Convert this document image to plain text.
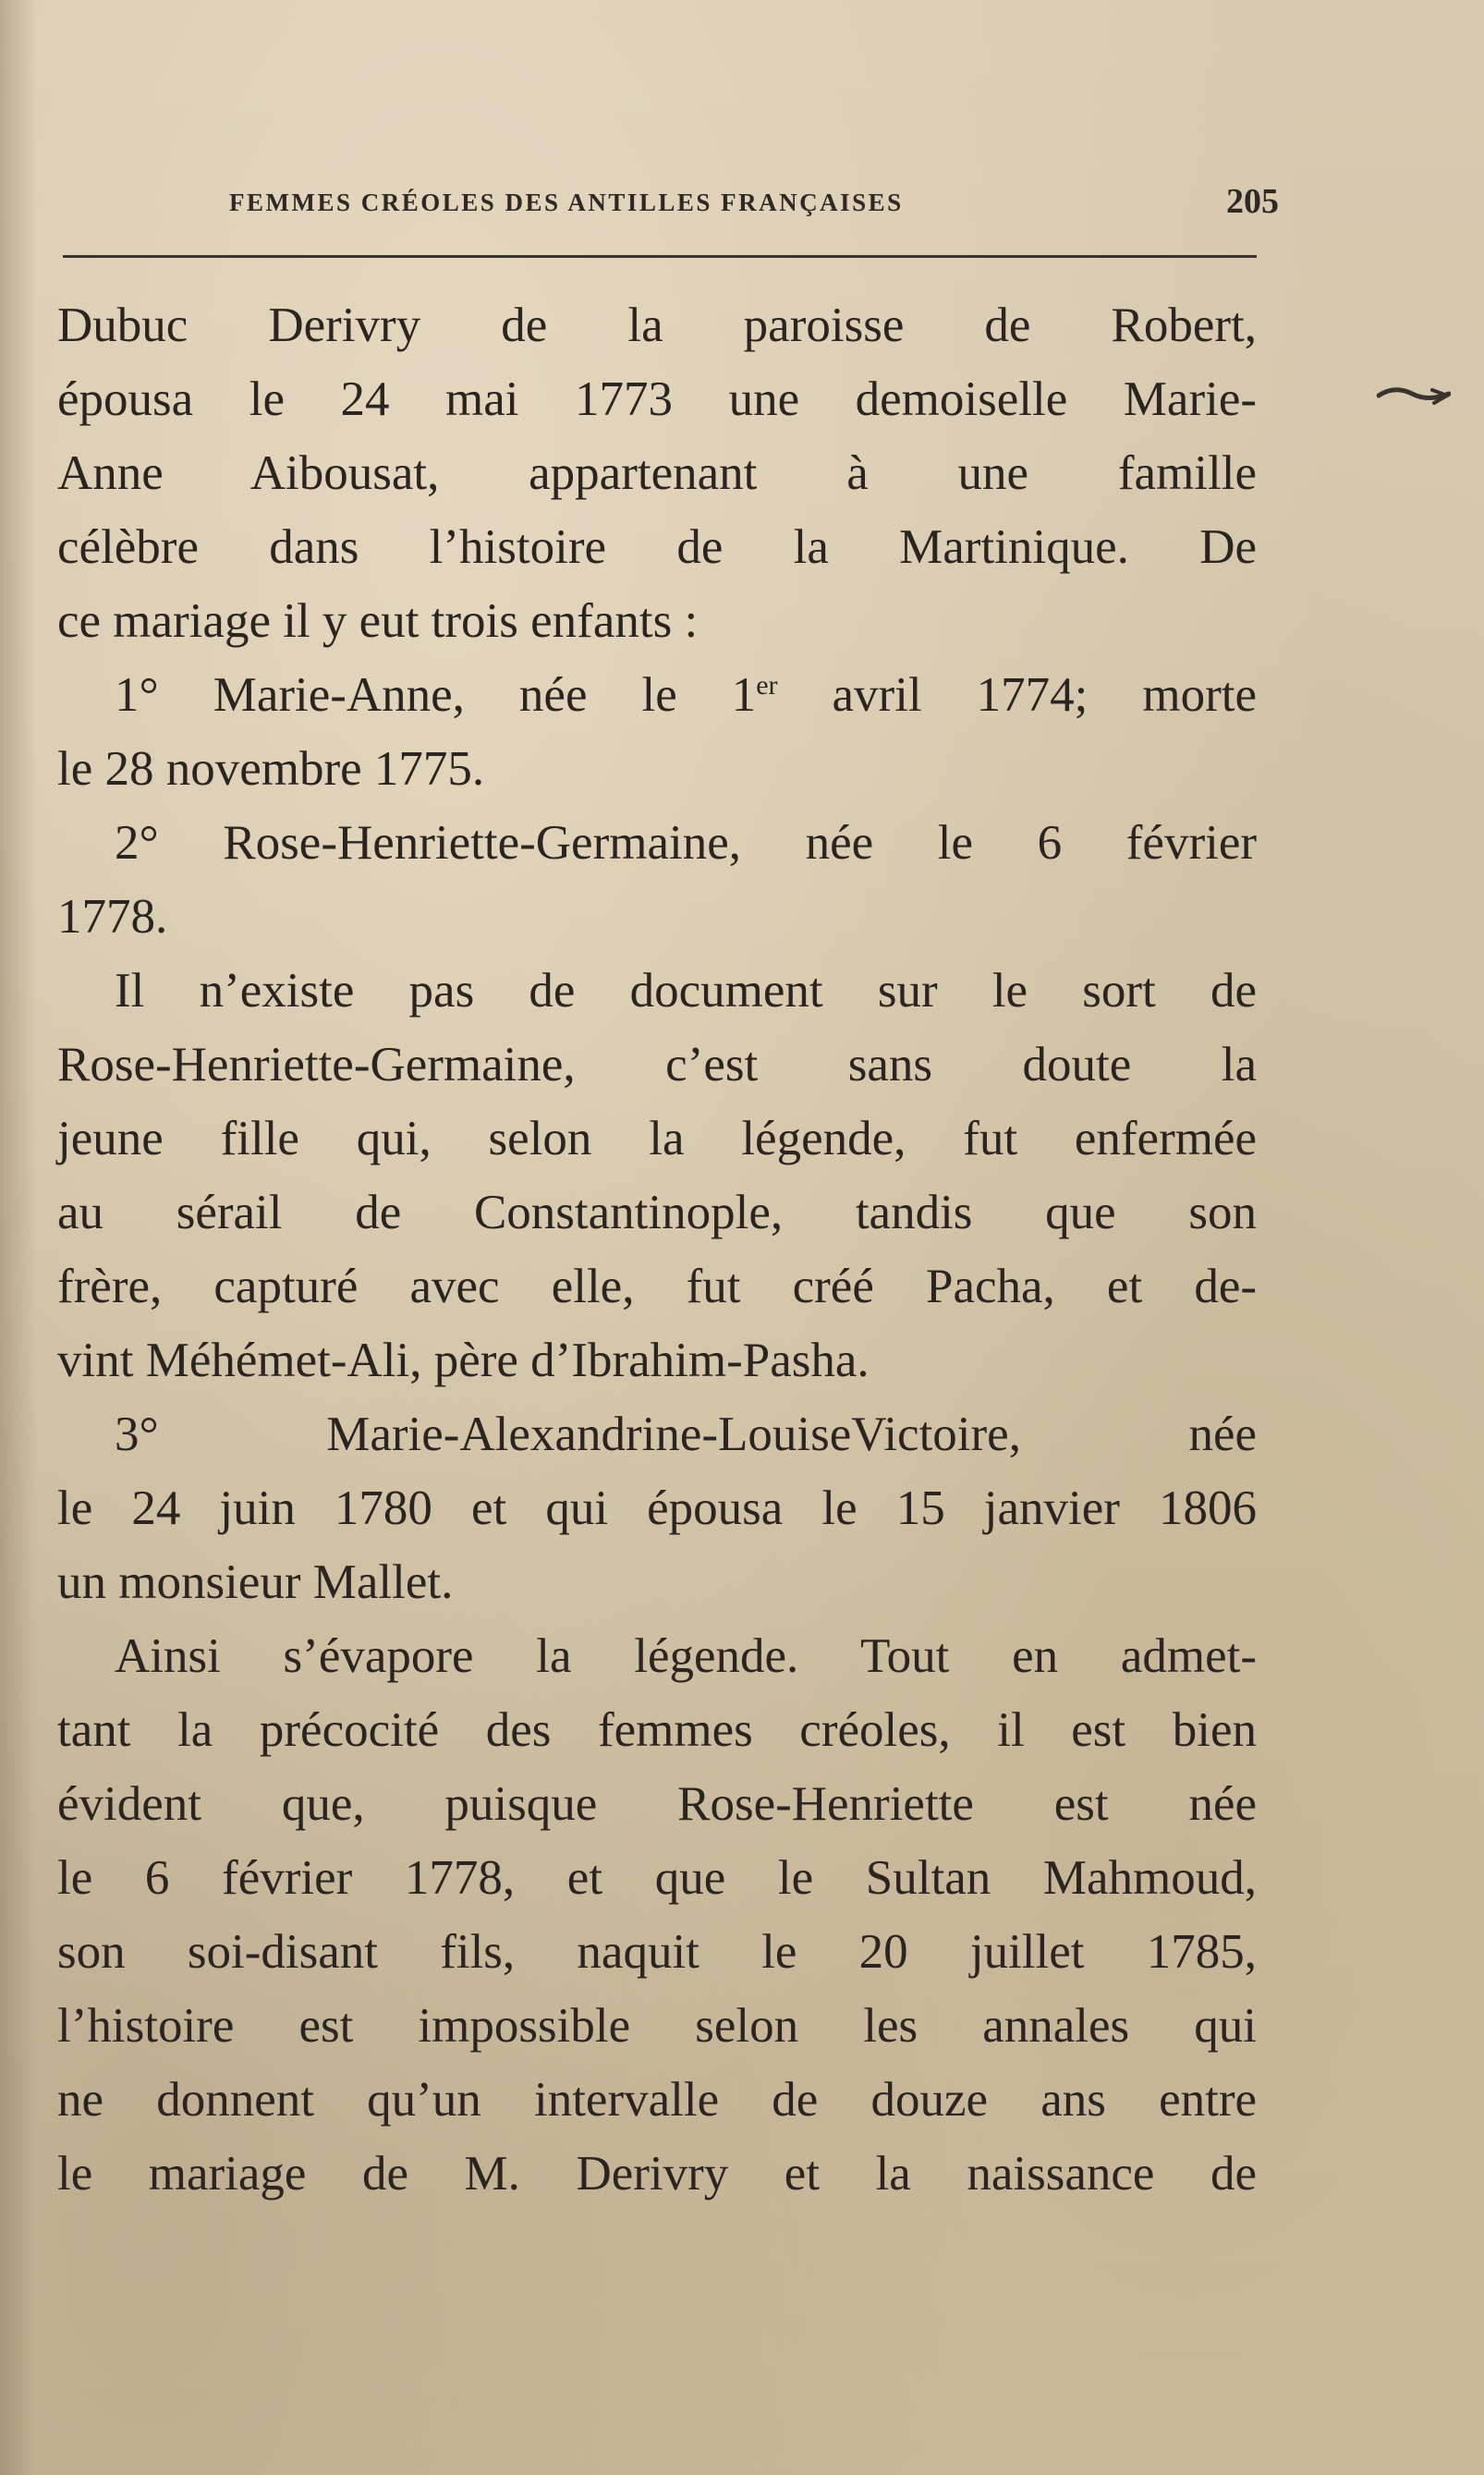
FEMMES CRÉOLES DES ANTILLES FRANÇAISES	205
Dubuc Derivry de la paroisse de Robert,
épousa le 24 mai 1773 une demoiselle Marie-
Anne Aibousat, appartenant à une famille
célèbre dans l’histoire de la Martinique. De
ce mariage il y eut trois enfants :
1° Marie-Anne, née le 1er avril 1774; morte
le 28 novembre 1775.
2° Rose-Henriette-Germaine, née le 6 février
1778.
Il n’existe pas de document sur le sort de
Rose-Henriette-Germaine, c’est sans doute la
jeune fille qui, selon la légende, fut enfermée
au sérail de Constantinople, tandis que son
frère, capturé avec elle, fut créé Pacha, et de-
vint Méhémet-Ali, père d’Ibrahim-Pasha.
3° Marie-Alexandrine-LouiseVictoire, née
le 24 juin 1780 et qui épousa le 15 janvier 1806
un monsieur Mallet.
Ainsi s’évapore la légende. Tout en admet-
tant la précocité des femmes créoles, il est bien
évident que, puisque Rose-Henriette est née
le 6 février 1778, et que le Sultan Mahmoud,
son soi-disant fils, naquit le 20 juillet 1785,
l’histoire est impossible selon les annales qui
ne donnent qu’un intervalle de douze ans entre
le mariage de M. Derivry et la naissance de
